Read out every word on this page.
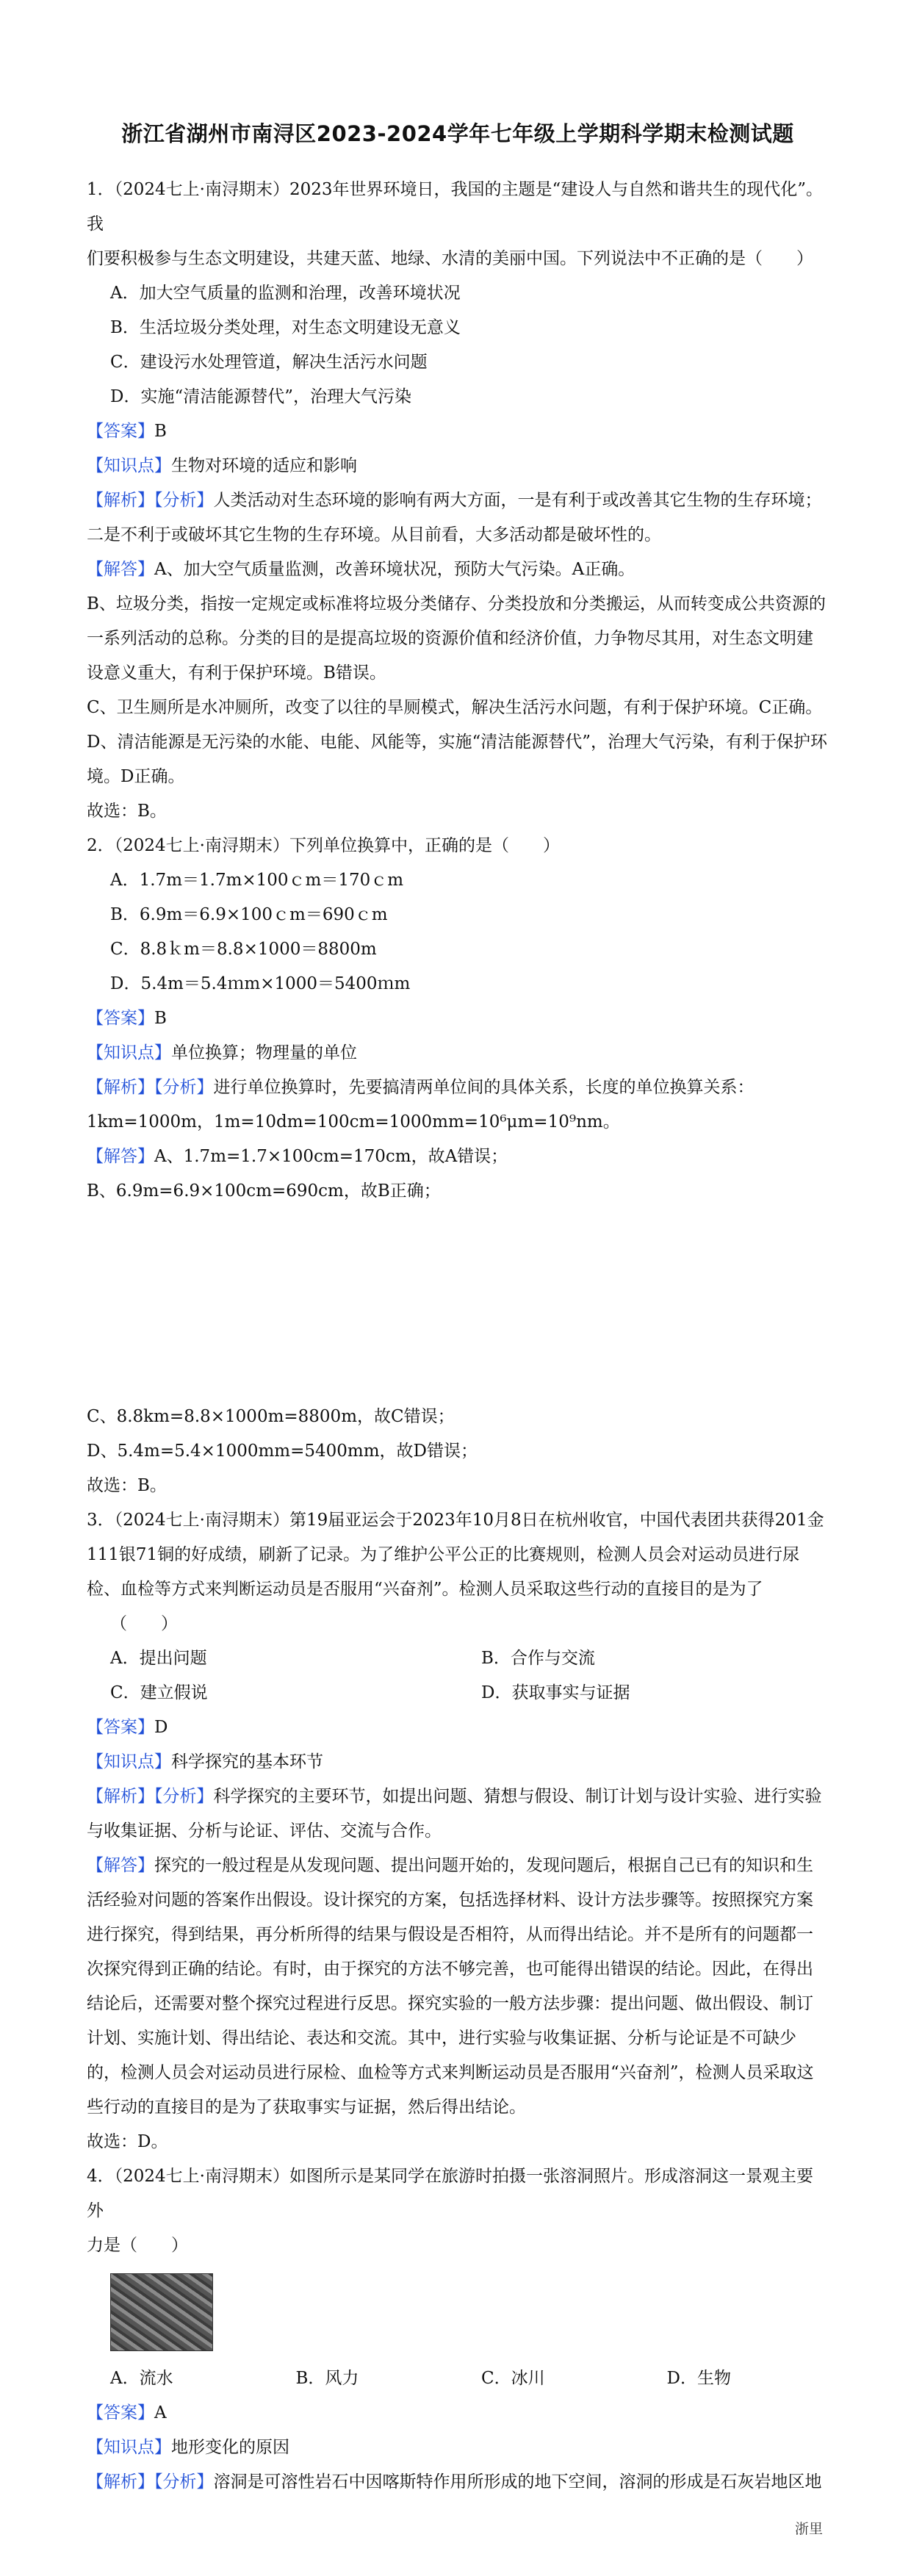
浙江省湖州市南浔区2023-2024学年七年级上学期科学期末检测试题

1．（2024七上·南浔期末）2023年世界环境日，我国的主题是“建设人与自然和谐共生的现代化”。我

们要积极参与生态文明建设，共建天蓝、地绿、水清的美丽中国。下列说法中不正确的是（　　）

A．加大空气质量的监测和治理，改善环境状况

B．生活垃圾分类处理，对生态文明建设无意义

C．建设污水处理管道，解决生活污水问题

D．实施“清洁能源替代”，治理大气污染

【答案】B

【知识点】生物对环境的适应和影响

【解析】【分析】人类活动对生态环境的影响有两大方面，一是有利于或改善其它生物的生存环境；

二是不利于或破坏其它生物的生存环境。从目前看，大多活动都是破坏性的。

【解答】A、加大空气质量监测，改善环境状况，预防大气污染。A正确。

B、垃圾分类，指按一定规定或标准将垃圾分类储存、分类投放和分类搬运，从而转变成公共资源的

一系列活动的总称。分类的目的是提高垃圾的资源价值和经济价值，力争物尽其用，对生态文明建

设意义重大，有利于保护环境。B错误。

C、卫生厕所是水冲厕所，改变了以往的旱厕模式，解决生活污水问题，有利于保护环境。C正确。

D、清洁能源是无污染的水能、电能、风能等，实施“清洁能源替代”，治理大气污染，有利于保护环

境。D正确。

故选：B。

2．（2024七上·南浔期末）下列单位换算中，正确的是（　　）

A．1.7m＝1.7m×100ｃm＝170ｃm

B．6.9m＝6.9×100ｃm＝690ｃm

C．8.8ｋm＝8.8×1000＝8800m

D．5.4m＝5.4ｍm×1000＝5400ｍm

【答案】B

【知识点】单位换算；物理量的单位

【解析】【分析】进行单位换算时，先要搞清两单位间的具体关系，长度的单位换算关系：

1km=1000m，1m=10dm=100cm=1000mm=10⁶μm=10⁹nm。

【解答】A、1.7m=1.7×100cm=170cm，故A错误；

B、6.9m=6.9×100cm=690cm，故B正确；

C、8.8km=8.8×1000m=8800m，故C错误；

D、5.4m=5.4×1000mm=5400mm，故D错误；

故选：B。

3．（2024七上·南浔期末）第19届亚运会于2023年10月8日在杭州收官，中国代表团共获得201金

111银71铜的好成绩，刷新了记录。为了维护公平公正的比赛规则，检测人员会对运动员进行尿

检、血检等方式来判断运动员是否服用“兴奋剂”。检测人员采取这些行动的直接目的是为了

（　　）

A．提出问题	B．合作与交流
C．建立假说	D．获取事实与证据

【答案】D

【知识点】科学探究的基本环节

【解析】【分析】科学探究的主要环节，如提出问题、猜想与假设、制订计划与设计实验、进行实验

与收集证据、分析与论证、评估、交流与合作。

【解答】探究的一般过程是从发现问题、提出问题开始的，发现问题后，根据自己已有的知识和生

活经验对问题的答案作出假设。设计探究的方案，包括选择材料、设计方法步骤等。按照探究方案

进行探究，得到结果，再分析所得的结果与假设是否相符，从而得出结论。并不是所有的问题都一

次探究得到正确的结论。有时，由于探究的方法不够完善，也可能得出错误的结论。因此，在得出

结论后，还需要对整个探究过程进行反思。探究实验的一般方法步骤：提出问题、做出假设、制订

计划、实施计划、得出结论、表达和交流。其中，进行实验与收集证据、分析与论证是不可缺少

的，检测人员会对运动员进行尿检、血检等方式来判断运动员是否服用“兴奋剂”，检测人员采取这

些行动的直接目的是为了获取事实与证据，然后得出结论。

故选：D。

4．（2024七上·南浔期末）如图所示是某同学在旅游时拍摄一张溶洞照片。形成溶洞这一景观主要外

力是（　　）

A．流水	B．风力	C．冰川	D．生物

【答案】A

【知识点】地形变化的原因

【解析】【分析】溶洞是可溶性岩石中因喀斯特作用所形成的地下空间，溶洞的形成是石灰岩地区地

浙里
